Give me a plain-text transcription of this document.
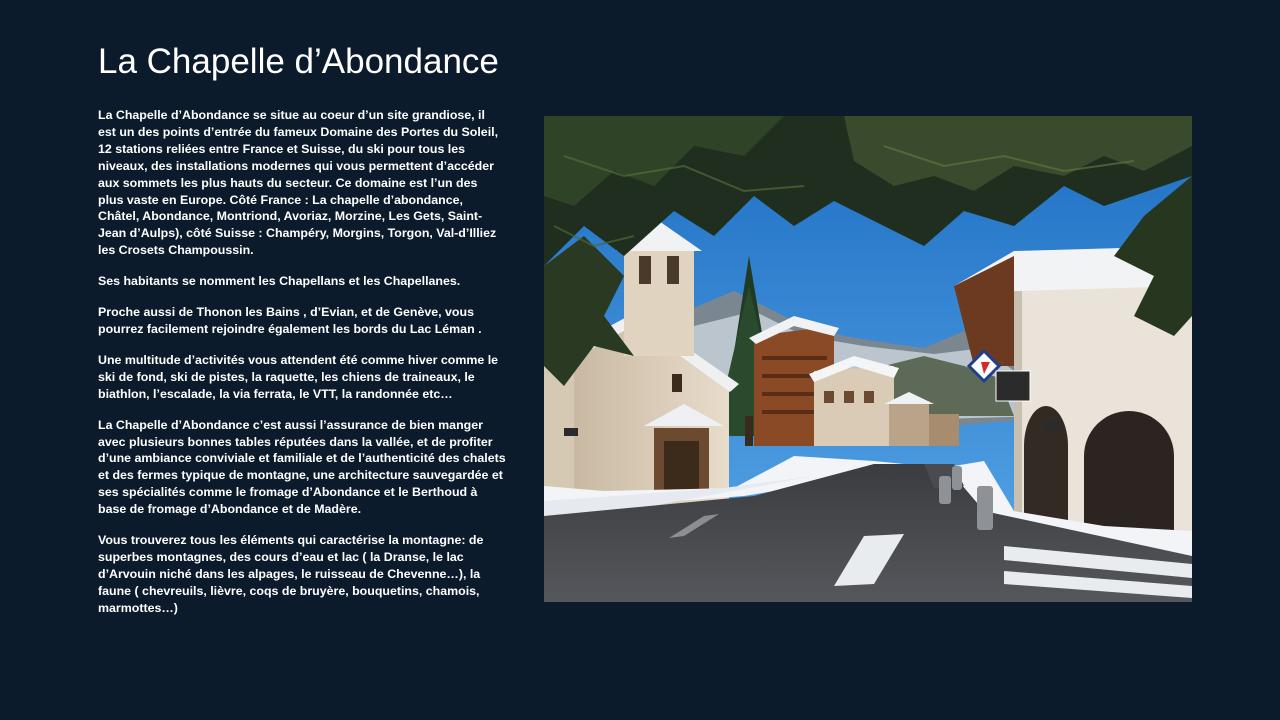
La Chapelle d’Abondance

La Chapelle d’Abondance se situe au coeur d’un site grandiose, il est un des points d’entrée du fameux Domaine des Portes du Soleil, 12 stations reliées entre France et Suisse, du ski pour tous les niveaux, des installations modernes qui vous permettent d’accéder aux sommets les plus hauts du secteur. Ce domaine est l’un des plus vaste en Europe. Côté France : La chapelle d’abondance, Châtel, Abondance, Montriond, Avoriaz, Morzine, Les Gets, Saint-Jean d’Aulps), côté Suisse : Champéry, Morgins, Torgon, Val-d’Illiez les Crosets Champoussin.

Ses habitants se nomment les Chapellans et les Chapellanes.

Proche aussi de Thonon les Bains , d’Evian, et de Genève, vous pourrez facilement rejoindre également les bords du Lac Léman .

Une multitude d’activités vous attendent été comme hiver comme le ski de fond, ski de pistes, la raquette, les chiens de traineaux, le biathlon, l’escalade, la via ferrata, le VTT, la randonnée etc…

La Chapelle d’Abondance c’est aussi l’assurance de bien manger avec plusieurs bonnes tables réputées dans la vallée, et de profiter d’une ambiance conviviale et familiale et de l’authenticité des chalets et des fermes typique de montagne, une architecture sauvegardée et ses spécialités comme le fromage d’Abondance et le Berthoud à base de fromage d’Abondance et de Madère.

Vous trouverez tous les éléments qui caractérise la montagne: de superbes montagnes, des cours d’eau et lac ( la Dranse, le lac d’Arvouin niché dans les alpages, le ruisseau de Chevenne…), la faune ( chevreuils, lièvre, coqs de bruyère, bouquetins, chamois, marmottes…)
